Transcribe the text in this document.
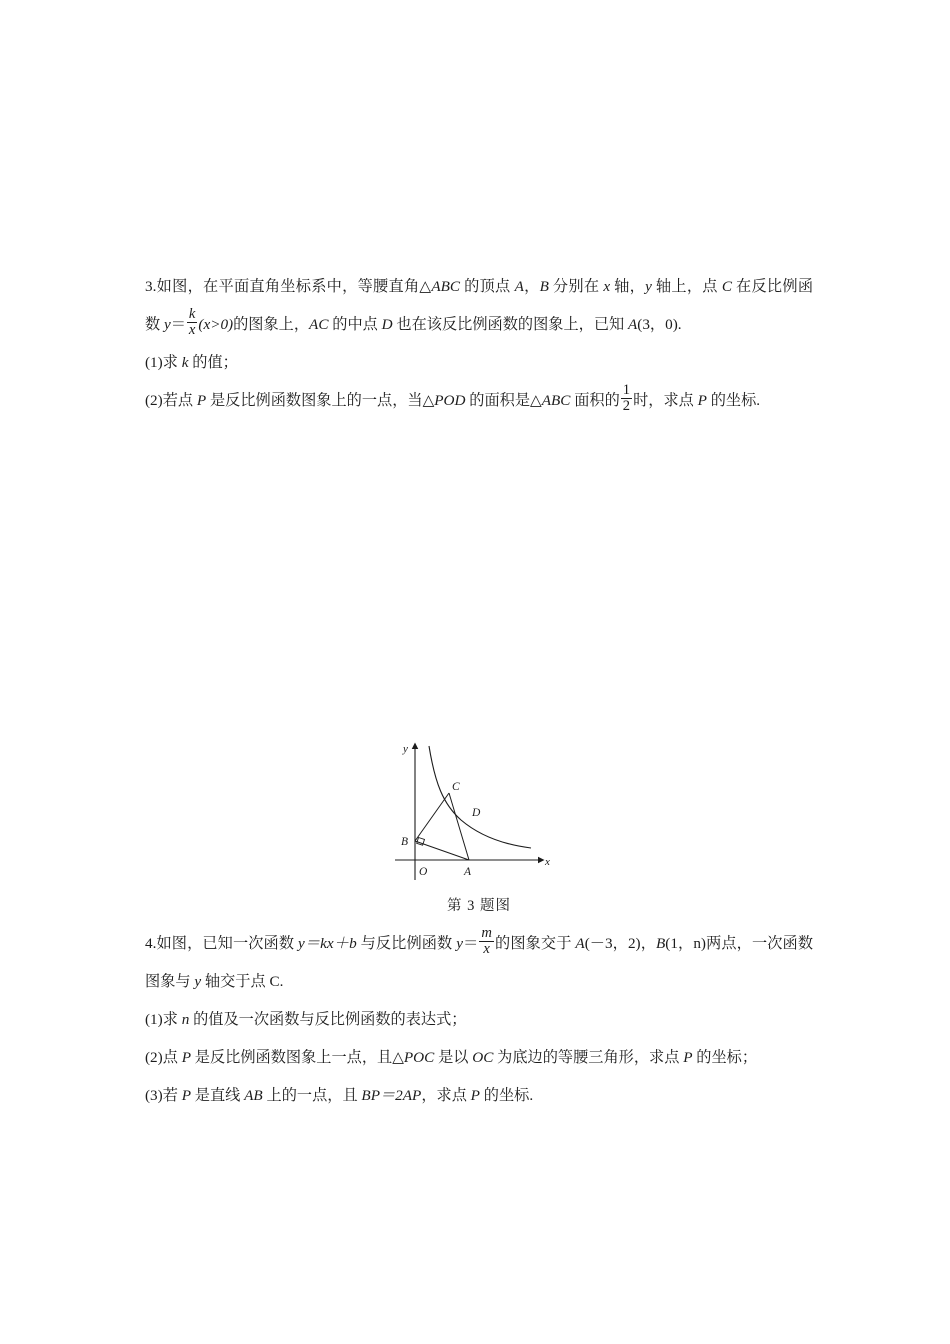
3.如图，在平面直角坐标系中，等腰直角△ABC 的顶点 A，B 分别在 x 轴，y 轴上，点 C 在反比例函数 $y= \frac{k}{x} (x>0)$的图象上，AC 的中点 D 也在该反比例函数的图象上，已知 A(3，0).

(1)求 k 的值；

(2)若点 P 是反比例函数图象上的一点，当△POD 的面积是△ABC 面积的 $\frac{1}{2}$ 时，求点 P 的坐标.

y
x
O	A
B
C
D
第 3 题图

4.如图，已知一次函数 y＝kx＋b 与反比例函数 $y= \frac{m}{x}$ 的图象交于 A(－3，2)，B(1，n)两点，一次函数图象与 y 轴交于点 C.

(1)求 n 的值及一次函数与反比例函数的表达式；

(2)点 P 是反比例函数图象上一点，且△POC 是以 OC 为底边的等腰三角形，求点 P 的坐标；

(3)若 P 是直线 AB 上的一点，且 BP＝2AP，求点 P 的坐标.
